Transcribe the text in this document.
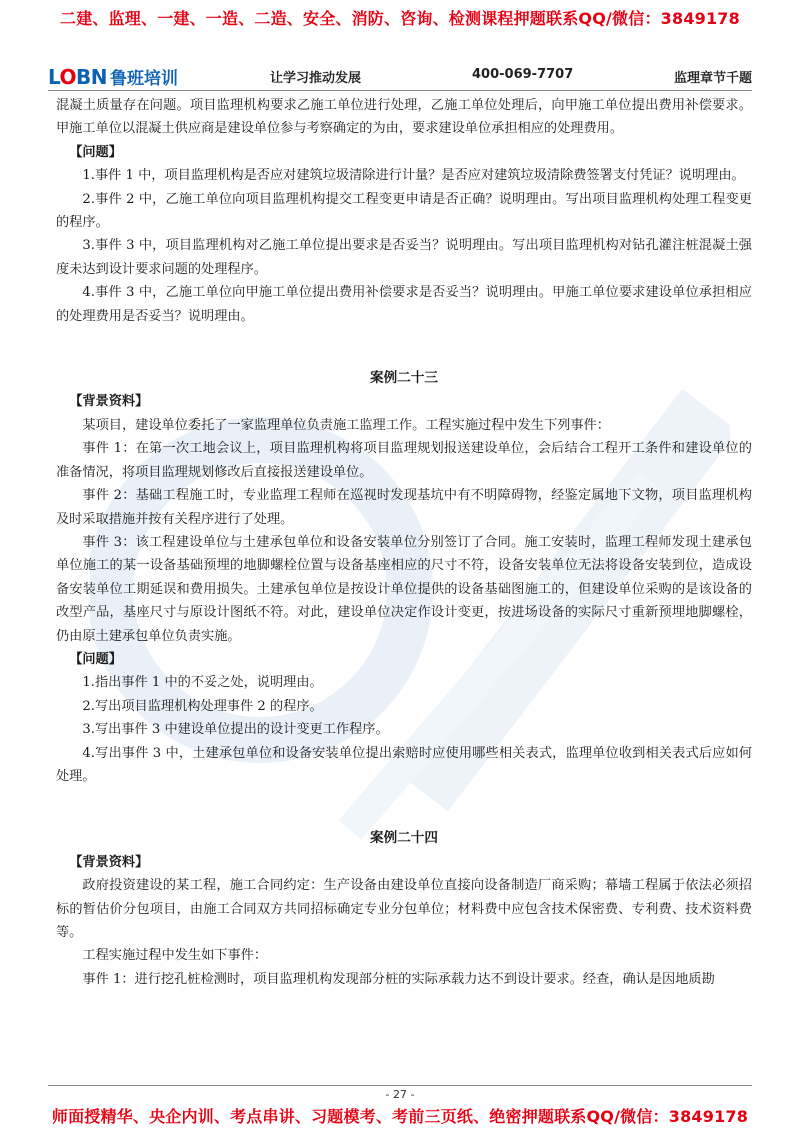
二建、监理、一建、一造、二造、安全、消防、咨询、检测课程押题联系QQ/微信：3849178
LOBN 鲁班培训	让学习推动发展	400-069-7707	监理章节千题

混凝土质量存在问题。项目监理机构要求乙施工单位进行处理，乙施工单位处理后，向甲施工单位提出费用补偿要求。甲施工单位以混凝土供应商是建设单位参与考察确定的为由，要求建设单位承担相应的处理费用。

【问题】

1.事件 1 中，项目监理机构是否应对建筑垃圾清除进行计量？是否应对建筑垃圾清除费签署支付凭证？说明理由。

2.事件 2 中，乙施工单位向项目监理机构提交工程变更申请是否正确？说明理由。写出项目监理机构处理工程变更的程序。

3.事件 3 中，项目监理机构对乙施工单位提出要求是否妥当？说明理由。写出项目监理机构对钻孔灌注桩混凝土强度未达到设计要求问题的处理程序。

4.事件 3 中，乙施工单位向甲施工单位提出费用补偿要求是否妥当？说明理由。甲施工单位要求建设单位承担相应的处理费用是否妥当？说明理由。

案例二十三

【背景资料】

某项目，建设单位委托了一家监理单位负责施工监理工作。工程实施过程中发生下列事件：

事件 1：在第一次工地会议上，项目监理机构将项目监理规划报送建设单位，会后结合工程开工条件和建设单位的准备情况，将项目监理规划修改后直接报送建设单位。

事件 2：基础工程施工时，专业监理工程师在巡视时发现基坑中有不明障碍物，经鉴定属地下文物，项目监理机构及时采取措施并按有关程序进行了处理。

事件 3：该工程建设单位与土建承包单位和设备安装单位分别签订了合同。施工安装时，监理工程师发现土建承包单位施工的某一设备基础预埋的地脚螺栓位置与设备基座相应的尺寸不符，设备安装单位无法将设备安装到位，造成设备安装单位工期延误和费用损失。土建承包单位是按设计单位提供的设备基础图施工的，但建设单位采购的是该设备的改型产品，基座尺寸与原设计图纸不符。对此，建设单位决定作设计变更，按进场设备的实际尺寸重新预埋地脚螺栓，仍由原土建承包单位负责实施。

【问题】

1.指出事件 1 中的不妥之处，说明理由。

2.写出项目监理机构处理事件 2 的程序。

3.写出事件 3 中建设单位提出的设计变更工作程序。

4.写出事件 3 中，土建承包单位和设备安装单位提出索赔时应使用哪些相关表式，监理单位收到相关表式后应如何处理。

案例二十四

【背景资料】

政府投资建设的某工程，施工合同约定：生产设备由建设单位直接向设备制造厂商采购；幕墙工程属于依法必须招标的暂估价分包项目，由施工合同双方共同招标确定专业分包单位；材料费中应包含技术保密费、专利费、技术资料费等。

工程实施过程中发生如下事件：

事件 1：进行挖孔桩检测时，项目监理机构发现部分桩的实际承载力达不到设计要求。经查，确认是因地质勘

- 27 -
师面授精华、央企内训、考点串讲、习题模考、考前三页纸、绝密押题联系QQ/微信：3849178
